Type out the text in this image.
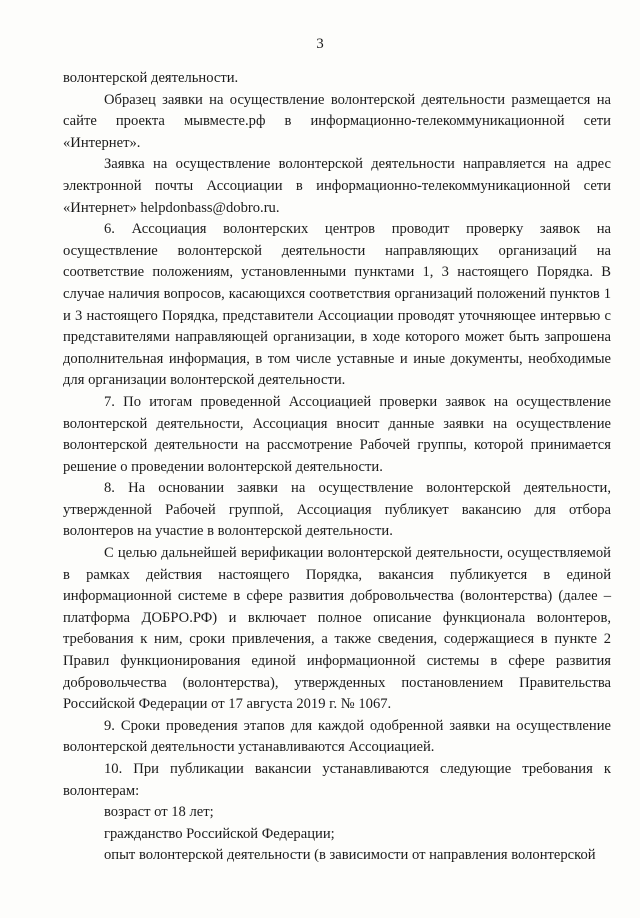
3

волонтерской деятельности.

Образец заявки на осуществление волонтерской деятельности размещается на сайте проекта мывместе.рф в информационно-телекоммуникационной сети «Интернет».

Заявка на осуществление волонтерской деятельности направляется на адрес электронной почты Ассоциации в информационно-телекоммуникационной сети «Интернет» helpdonbass@dobro.ru.

6. Ассоциация волонтерских центров проводит проверку заявок на осуществление волонтерской деятельности направляющих организаций на соответствие положениям, установленными пунктами 1, 3 настоящего Порядка. В случае наличия вопросов, касающихся соответствия организаций положений пунктов 1 и 3 настоящего Порядка, представители Ассоциации проводят уточняющее интервью с представителями направляющей организации, в ходе которого может быть запрошена дополнительная информация, в том числе уставные и иные документы, необходимые для организации волонтерской деятельности.

7. По итогам проведенной Ассоциацией проверки заявок на осуществление волонтерской деятельности, Ассоциация вносит данные заявки на осуществление волонтерской деятельности на рассмотрение Рабочей группы, которой принимается решение о проведении волонтерской деятельности.

8. На основании заявки на осуществление волонтерской деятельности, утвержденной Рабочей группой, Ассоциация публикует вакансию для отбора волонтеров на участие в волонтерской деятельности.

С целью дальнейшей верификации волонтерской деятельности, осуществляемой в рамках действия настоящего Порядка, вакансия публикуется в единой информационной системе в сфере развития добровольчества (волонтерства) (далее – платформа ДОБРО.РФ) и включает полное описание функционала волонтеров, требования к ним, сроки привлечения, а также сведения, содержащиеся в пункте 2 Правил функционирования единой информационной системы в сфере развития добровольчества (волонтерства), утвержденных постановлением Правительства Российской Федерации от 17 августа 2019 г. № 1067.

9. Сроки проведения этапов для каждой одобренной заявки на осуществление волонтерской деятельности устанавливаются Ассоциацией.

10. При публикации вакансии устанавливаются следующие требования к волонтерам:

возраст от 18 лет;

гражданство Российской Федерации;

опыт волонтерской деятельности (в зависимости от направления волонтерской
